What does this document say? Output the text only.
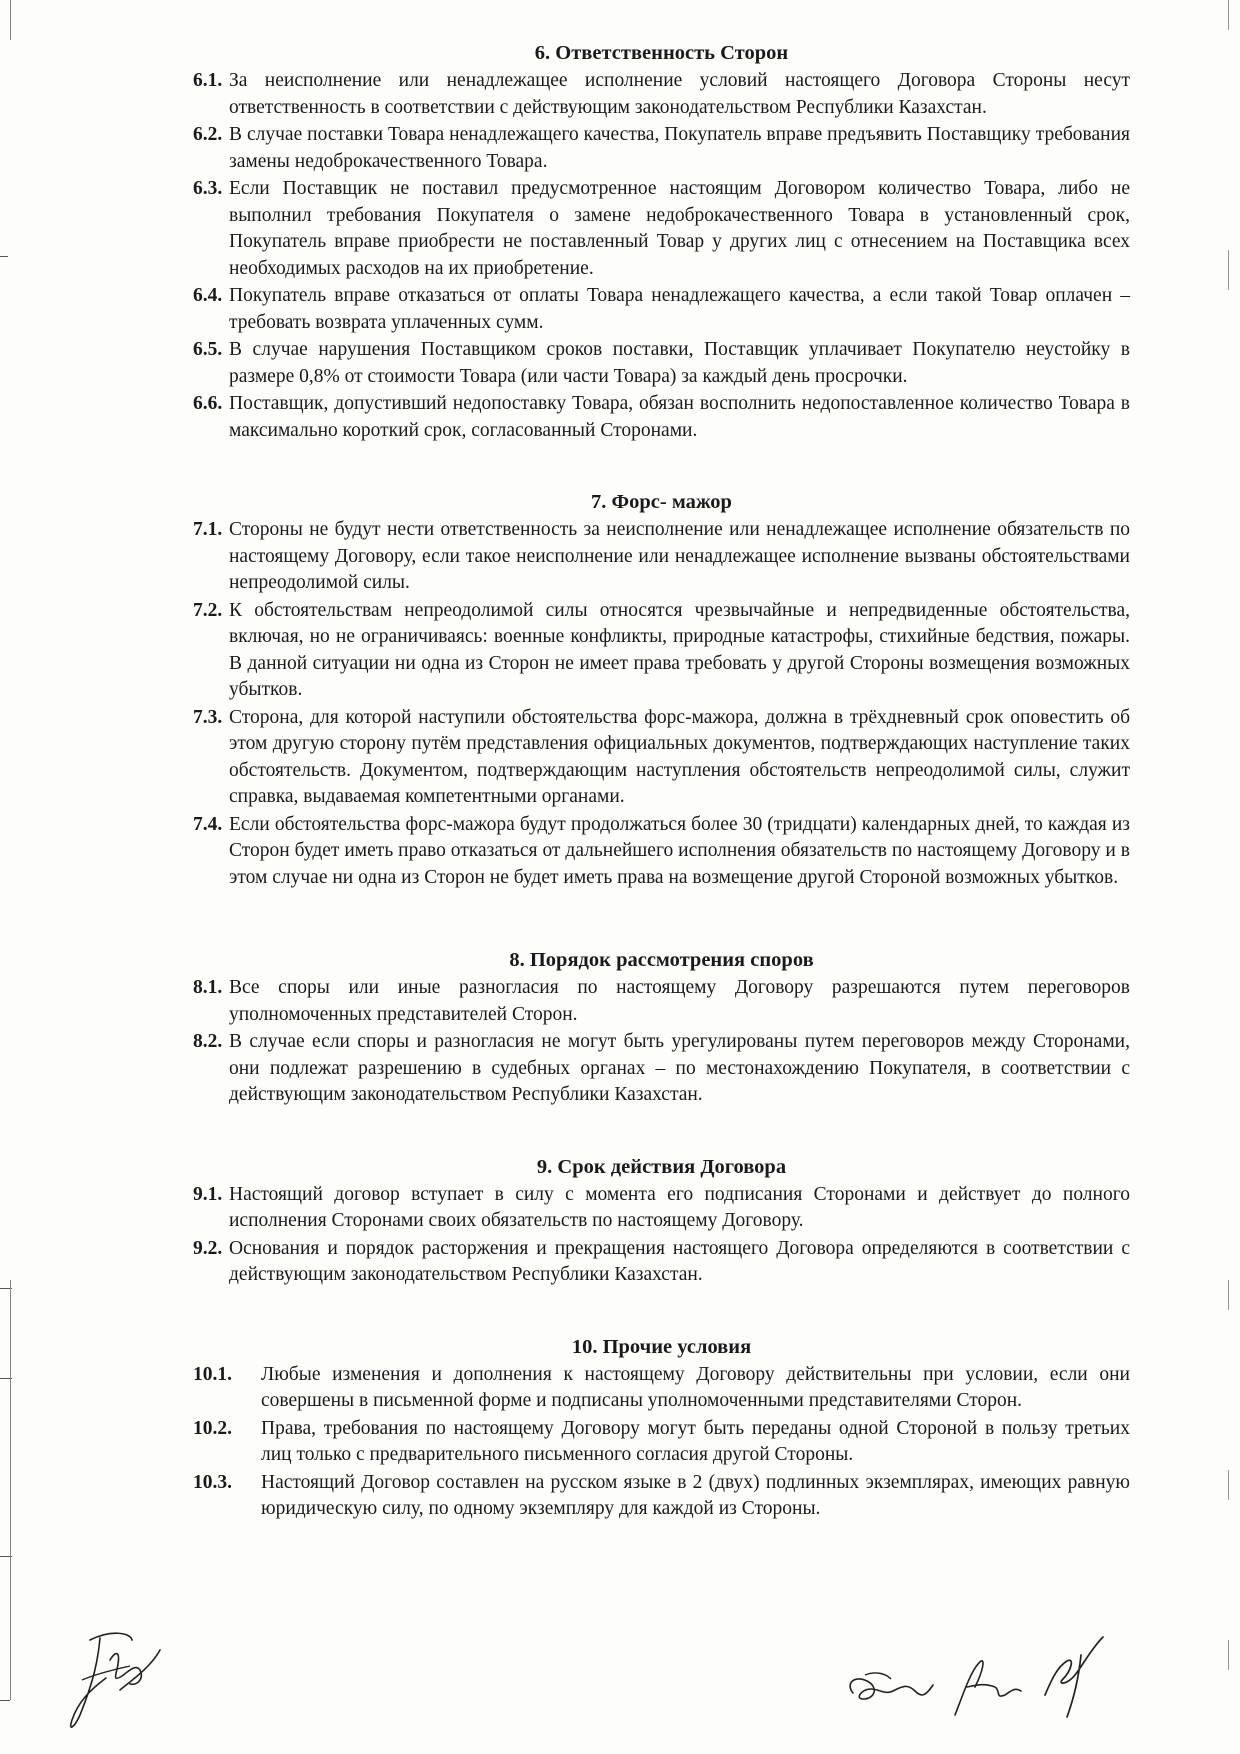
6. Ответственность Сторон
6.1. За неисполнение или ненадлежащее исполнение условий настоящего Договора Стороны несут ответственность в соответствии с действующим законодательством Республики Казахстан.
6.2. В случае поставки Товара ненадлежащего качества, Покупатель вправе предъявить Поставщику требования замены недоброкачественного Товара.
6.3. Если Поставщик не поставил предусмотренное настоящим Договором количество Товара, либо не выполнил требования Покупателя о замене недоброкачественного Товара в установленный срок, Покупатель вправе приобрести не поставленный Товар у других лиц с отнесением на Поставщика всех необходимых расходов на их приобретение.
6.4. Покупатель вправе отказаться от оплаты Товара ненадлежащего качества, а если такой Товар оплачен – требовать возврата уплаченных сумм.
6.5. В случае нарушения Поставщиком сроков поставки, Поставщик уплачивает Покупателю неустойку в размере 0,8% от стоимости Товара (или части Товара) за каждый день просрочки.
6.6. Поставщик, допустивший недопоставку Товара, обязан восполнить недопоставленное количество Товара в максимально короткий срок, согласованный Сторонами.
7. Форс- мажор
7.1. Стороны не будут нести ответственность за неисполнение или ненадлежащее исполнение обязательств по настоящему Договору, если такое неисполнение или ненадлежащее исполнение вызваны обстоятельствами непреодолимой силы.
7.2. К обстоятельствам непреодолимой силы относятся чрезвычайные и непредвиденные обстоятельства, включая, но не ограничиваясь: военные конфликты, природные катастрофы, стихийные бедствия, пожары. В данной ситуации ни одна из Сторон не имеет права требовать у другой Стороны возмещения возможных убытков.
7.3. Сторона, для которой наступили обстоятельства форс-мажора, должна в трёхдневный срок оповестить об этом другую сторону путём представления официальных документов, подтверждающих наступление таких обстоятельств. Документом, подтверждающим наступления обстоятельств непреодолимой силы, служит справка, выдаваемая компетентными органами.
7.4. Если обстоятельства форс-мажора будут продолжаться более 30 (тридцати) календарных дней, то каждая из Сторон будет иметь право отказаться от дальнейшего исполнения обязательств по настоящему Договору и в этом случае ни одна из Сторон не будет иметь права на возмещение другой Стороной возможных убытков.
8. Порядок рассмотрения споров
8.1. Все споры или иные разногласия по настоящему Договору разрешаются путем переговоров уполномоченных представителей Сторон.
8.2. В случае если споры и разногласия не могут быть урегулированы путем переговоров между Сторонами, они подлежат разрешению в судебных органах – по местонахождению Покупателя, в соответствии с действующим законодательством Республики Казахстан.
9. Срок действия Договора
9.1. Настоящий договор вступает в силу с момента его подписания Сторонами и действует до полного исполнения Сторонами своих обязательств по настоящему Договору.
9.2. Основания и порядок расторжения и прекращения настоящего Договора определяются в соответствии с действующим законодательством Республики Казахстан.
10. Прочие условия
10.1.	Любые изменения и дополнения к настоящему Договору действительны при условии, если они совершены в письменной форме и подписаны уполномоченными представителями Сторон.
10.2.	Права, требования по настоящему Договору могут быть переданы одной Стороной в пользу третьих лиц только с предварительного письменного согласия другой Стороны.
10.3.	Настоящий Договор составлен на русском языке в 2 (двух) подлинных экземплярах, имеющих равную юридическую силу, по одному экземпляру для каждой из Стороны.
